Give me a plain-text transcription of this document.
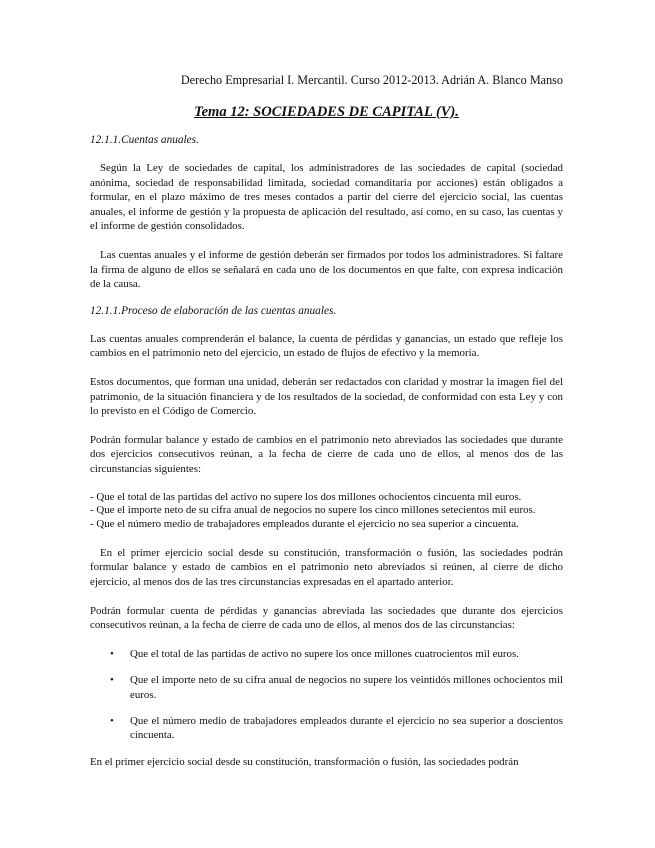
Derecho Empresarial I. Mercantil. Curso 2012-2013. Adrián A. Blanco Manso
Tema 12: SOCIEDADES DE CAPITAL (V).
12.1.1.Cuentas anuales.

Según la Ley de sociedades de capital, los administradores de las sociedades de capital (sociedad anónima, sociedad de responsabilidad limitada, sociedad comanditaria por acciones) están obligados a formular, en el plazo máximo de tres meses contados a partir del cierre del ejercicio social, las cuentas anuales, el informe de gestión y la propuesta de aplicación del resultado, así como, en su caso, las cuentas y el informe de gestión consolidados.

Las cuentas anuales y el informe de gestión deberán ser firmados por todos los administradores. Si faltare la firma de alguno de ellos se señalará en cada uno de los documentos en que falte, con expresa indicación de la causa.

12.1.1.Proceso de elaboración de las cuentas anuales.

Las cuentas anuales comprenderán el balance, la cuenta de pérdidas y ganancias, un estado que refleje los cambios en el patrimonio neto del ejercicio, un estado de flujos de efectivo y la memoria.

Estos documentos, que forman una unidad, deberán ser redactados con claridad y mostrar la imagen fiel del patrimonio, de la situación financiera y de los resultados de la sociedad, de conformidad con esta Ley y con lo previsto en el Código de Comercio.

Podrán formular balance y estado de cambios en el patrimonio neto abreviados las sociedades que durante dos ejercicios consecutivos reúnan, a la fecha de cierre de cada uno de ellos, al menos dos de las circunstancias siguientes:

- Que el total de las partidas del activo no supere los dos millones ochocientos cincuenta mil euros.
- Que el importe neto de su cifra anual de negocios no supere los cinco millones setecientos mil euros.
- Que el número medio de trabajadores empleados durante el ejercicio no sea superior a cincuenta.

En el primer ejercicio social desde su constitución, transformación o fusión, las sociedades podrán formular balance y estado de cambios en el patrimonio neto abreviados si reúnen, al cierre de dicho ejercicio, al menos dos de las tres circunstancias expresadas en el apartado anterior.

Podrán formular cuenta de pérdidas y ganancias abreviada las sociedades que durante dos ejercicios consecutivos reúnan, a la fecha de cierre de cada uno de ellos, al menos dos de las circunstancias:

• Que el total de las partidas de activo no supere los once millones cuatrocientos mil euros.
• Que el importe neto de su cifra anual de negocios no supere los veintidós millones ochocientos mil euros.
• Que el número medio de trabajadores empleados durante el ejercicio no sea superior a doscientos cincuenta.

En el primer ejercicio social desde su constitución, transformación o fusión, las sociedades podrán
